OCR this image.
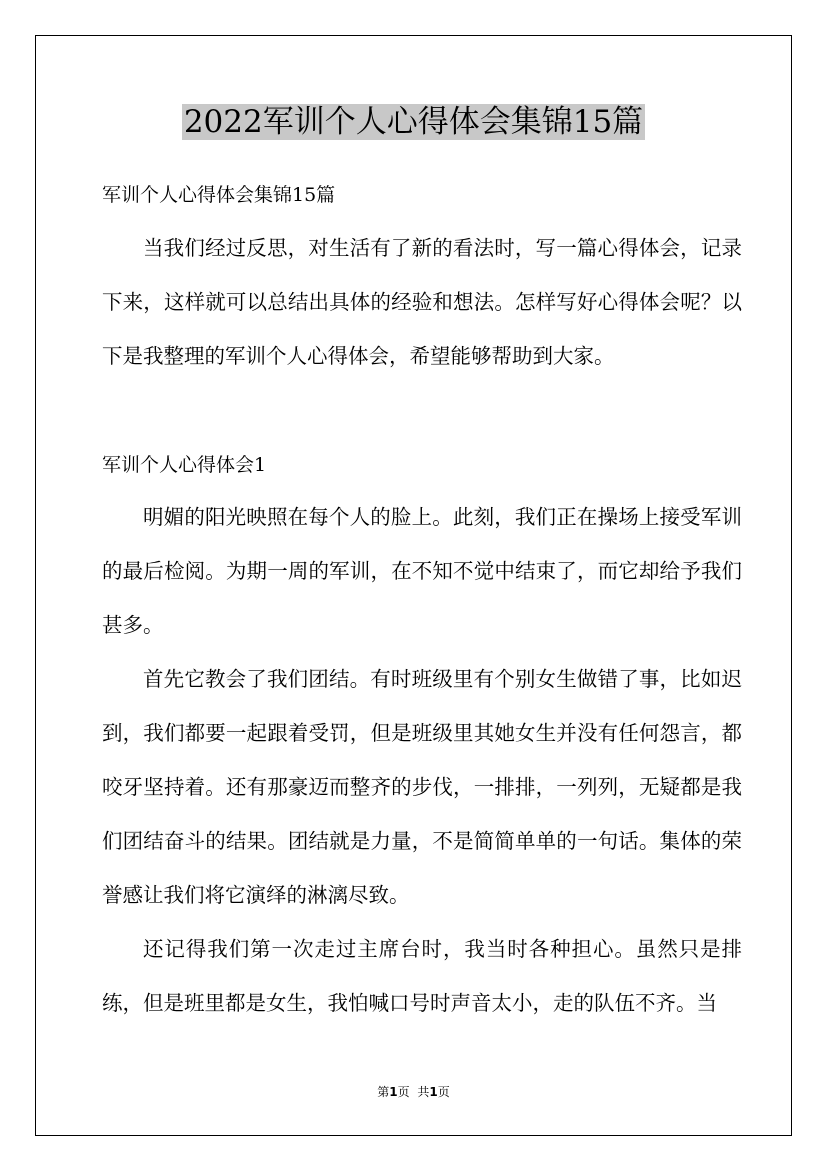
2022军训个人心得体会集锦15篇
军训个人心得体会集锦15篇

当我们经过反思，对生活有了新的看法时，写一篇心得体会，记录下来，这样就可以总结出具体的经验和想法。怎样写好心得体会呢？以下是我整理的军训个人心得体会，希望能够帮助到大家。

军训个人心得体会1

明媚的阳光映照在每个人的脸上。此刻，我们正在操场上接受军训的最后检阅。为期一周的军训，在不知不觉中结束了，而它却给予我们甚多。

首先它教会了我们团结。有时班级里有个别女生做错了事，比如迟到，我们都要一起跟着受罚，但是班级里其她女生并没有任何怨言，都咬牙坚持着。还有那豪迈而整齐的步伐，一排排，一列列，无疑都是我们团结奋斗的结果。团结就是力量，不是简简单单的一句话。集体的荣誉感让我们将它演绎的淋漓尽致。

还记得我们第一次走过主席台时，我当时各种担心。虽然只是排练，但是班里都是女生，我怕喊口号时声音太小，走的队伍不齐。当

第1页 共1页
